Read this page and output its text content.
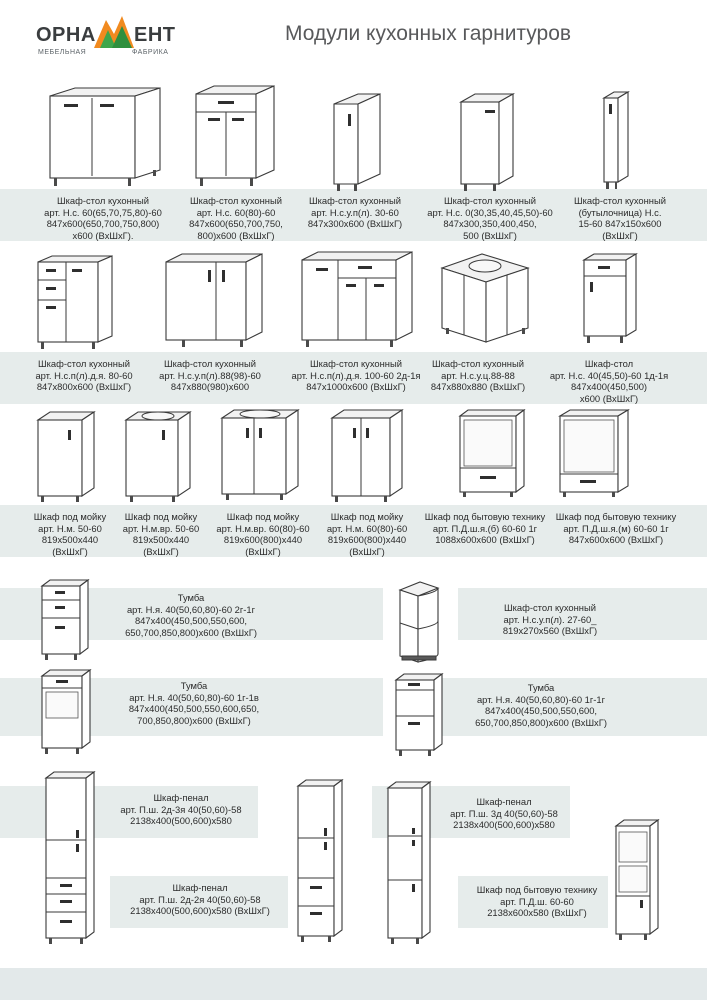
ОРНА ЕНТ
МЕБЕЛЬНАЯ	ФАБРИКА
Модули кухонных гарнитуров
Шкаф-стол кухонный
арт. Н.с. 60(65,70,75,80)-60
847х600(650,700,750,800)
х600 (ВхШхГ).
Шкаф-стол кухонный
арт. Н.с. 60(80)-60
847х600(650,700,750,
800)х600 (ВхШхГ)
Шкаф-стол кухонный
арт. Н.с.у.п(л). 30-60
847х300х600 (ВхШхГ)
Шкаф-стол кухонный
арт. Н.с. 0(30,35,40,45,50)-60
847х300,350,400,450,
500 (ВхШхГ)
Шкаф-стол кухонный
(бутылочница) Н.с.
15-60 847х150х600
(ВхШхГ)
Шкаф-стол кухонный
арт. Н.с.п(л).д.я. 80-60
847х800х600 (ВхШхГ)
Шкаф-стол кухонный
арт. Н.с.у.п(л).88(98)-60
847х880(980)х600
Шкаф-стол кухонный
арт. Н.с.п(л).д.я. 100-60 2д-1я
847х1000х600 (ВхШхГ)
Шкаф-стол кухонный
арт. Н.с.у.ц.88-88
847х880х880 (ВхШхГ)
Шкаф-стол
арт. Н.с. 40(45,50)-60 1д-1я
847х400(450,500)
х600 (ВхШхГ)
Шкаф под мойку
арт. Н.м. 50-60
819х500х440
(ВхШхГ)
Шкаф под мойку
арт. Н.м.вр. 50-60
819х500х440
(ВхШхГ)
Шкаф под мойку
арт. Н.м.вр. 60(80)-60
819х600(800)х440
(ВхШхГ)
Шкаф под мойку
арт. Н.м. 60(80)-60
819х600(800)х440
(ВхШхГ)
Шкаф под бытовую технику
арт. П.Д.ш.я.(б) 60-60 1г
1088х600х600 (ВхШхГ)
Шкаф под бытовую технику
арт. П.Д.ш.я.(м) 60-60 1г
847х600х600 (ВхШхГ)
Тумба
арт. Н.я. 40(50,60,80)-60 2г-1г
847х400(450,500,550,600,
650,700,850,800)х600 (ВхШхГ)
Шкаф-стол кухонный
арт. Н.с.у.п(л). 27-60_
819х270х560 (ВхШхГ)
Тумба
арт. Н.я. 40(50,60,80)-60 1г-1в
847х400(450,500,550,600,650,
700,850,800)х600 (ВхШхГ)
Тумба
арт. Н.я. 40(50,60,80)-60 1г-1г
847х400(450,500,550,600,
650,700,850,800)х600 (ВхШхГ)
Шкаф-пенал
арт. П.ш. 2д-3я 40(50,60)-58
2138х400(500,600)х580
Шкаф-пенал
арт. П.ш. 2д-2я 40(50,60)-58
2138х400(500,600)х580 (ВхШхГ)
Шкаф-пенал
арт. П.ш. 3д 40(50,60)-58
2138х400(500,600)х580
Шкаф под бытовую технику
арт. П.Д.ш. 60-60
2138х600х580 (ВхШхГ)
